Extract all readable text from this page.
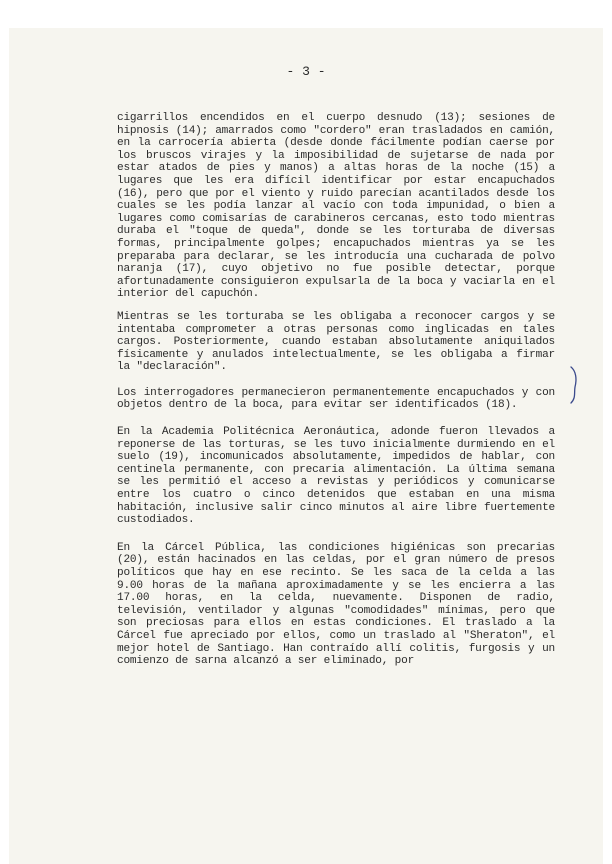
- 3 -

cigarrillos encendidos en el cuerpo desnudo (13); sesiones de hipnosis (14); amarrados como "cordero" eran trasladados en camión, en la carrocería abierta (desde donde fácilmente podían caerse por los bruscos virajes y la imposibilidad de sujetarse de nada por estar atados de pies y manos) a altas horas de la noche (15) a lugares que les era difícil identificar por estar encapuchados (16), pero que por el viento y ruido parecían acantilados desde los cuales se les podía lanzar al vacío con toda impunidad, o bien a lugares como comisarías de carabineros cercanas, esto todo mientras duraba el "toque de queda", donde se les torturaba de diversas formas, principalmente golpes; encapuchados mientras ya se les preparaba para declarar, se les introducía una cucharada de polvo naranja (17), cuyo objetivo no fue posible detectar, porque afortunadamente consiguieron expulsarla de la boca y vaciarla en el interior del capuchón.

Mientras se les torturaba se les obligaba a reconocer cargos y se intentaba comprometer a otras personas como inglicadas en tales cargos. Posteriormente, cuando estaban absolutamente aniquilados físicamente y anulados intelectualmente, se les obligaba a firmar la "declaración".

Los interrogadores permanecieron permanentemente encapuchados y con objetos dentro de la boca, para evitar ser identificados (18).

En la Academia Politécnica Aeronáutica, adonde fueron llevados a reponerse de las torturas, se les tuvo inicialmente durmiendo en el suelo (19), incomunicados absolutamente, impedidos de hablar, con centinela permanente, con precaria alimentación. La última semana se les permitió el acceso a revistas y periódicos y comunicarse entre los cuatro o cinco detenidos que estaban en una misma habitación, inclusive salir cinco minutos al aire libre fuertemente custodiados.

En la Cárcel Pública, las condiciones higiénicas son precarias (20), están hacinados en las celdas, por el gran número de presos políticos que hay en ese recinto. Se les saca de la celda a las 9.00 horas de la mañana aproximadamente y se les encierra a las 17.00 horas, en la celda, nuevamente. Disponen de radio, televisión, ventilador y algunas "comodidades" mínimas, pero que son preciosas para ellos en estas condiciones. El traslado a la Cárcel fue apreciado por ellos, como un traslado al "Sheraton", el mejor hotel de Santiago. Han contraído allí colitis, furgosis y un comienzo de sarna alcanzó a ser eliminado, por
